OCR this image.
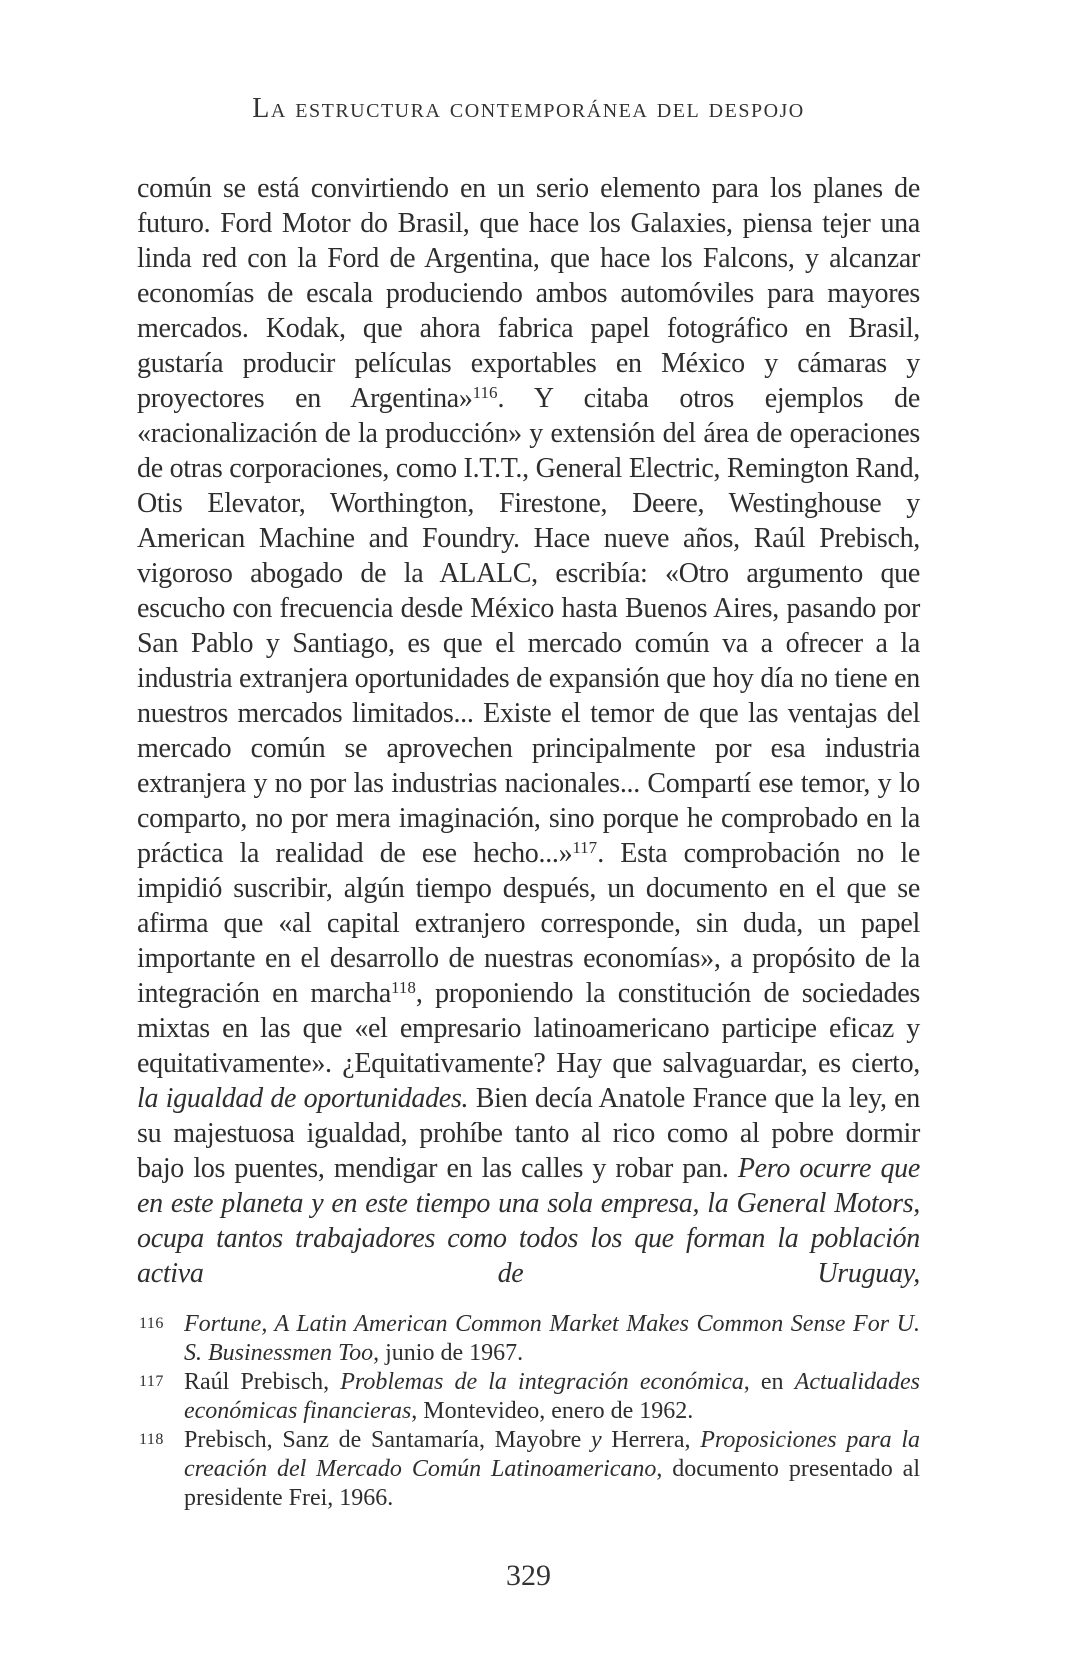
La estructura contemporánea del despojo

común se está convirtiendo en un serio elemento para los planes de futuro. Ford Motor do Brasil, que hace los Galaxies, piensa tejer una linda red con la Ford de Argentina, que hace los Falcons, y alcanzar economías de escala produciendo ambos automóviles para mayores mercados. Kodak, que ahora fabrica papel fotográfico en Brasil, gustaría producir películas exportables en México y cámaras y proyectores en Argentina»$^{116}$. Y citaba otros ejemplos de «racionalización de la producción» y extensión del área de operaciones de otras corporaciones, como I.T.T., General Electric, Remington Rand, Otis Elevator, Worthington, Firestone, Deere, Westinghouse y American Machine and Foundry. Hace nueve años, Raúl Prebisch, vigoroso abogado de la ALALC, escribía: «Otro argumento que escucho con frecuencia desde México hasta Buenos Aires, pasando por San Pablo y Santiago, es que el mercado común va a ofrecer a la industria extranjera oportunidades de expansión que hoy día no tiene en nuestros mercados limitados... Existe el temor de que las ventajas del mercado común se aprovechen principalmente por esa industria extranjera y no por las industrias nacionales... Compartí ese temor, y lo comparto, no por mera imaginación, sino porque he comprobado en la práctica la realidad de ese hecho...»$^{117}$. Esta comprobación no le impidió suscribir, algún tiempo después, un documento en el que se afirma que «al capital extranjero corresponde, sin duda, un papel importante en el desarrollo de nuestras economías», a propósito de la integración en marcha$^{118}$, proponiendo la constitución de sociedades mixtas en las que «el empresario latinoamericano participe eficaz y equitativamente». ¿Equitativamente? Hay que salvaguardar, es cierto, la igualdad de oportunidades. Bien decía Anatole France que la ley, en su majestuosa igualdad, prohíbe tanto al rico como al pobre dormir bajo los puentes, mendigar en las calles y robar pan. Pero ocurre que en este planeta y en este tiempo una sola empresa, la General Motors, ocupa tantos trabajadores como todos los que forman la población activa de Uruguay,

116 Fortune, A Latin American Common Market Makes Common Sense For U. S. Businessmen Too, junio de 1967.
117 Raúl Prebisch, Problemas de la integración económica, en Actualidades económicas financieras, Montevideo, enero de 1962.
118 Prebisch, Sanz de Santamaría, Mayobre y Herrera, Proposiciones para la creación del Mercado Común Latinoamericano, documento presentado al presidente Frei, 1966.
329
